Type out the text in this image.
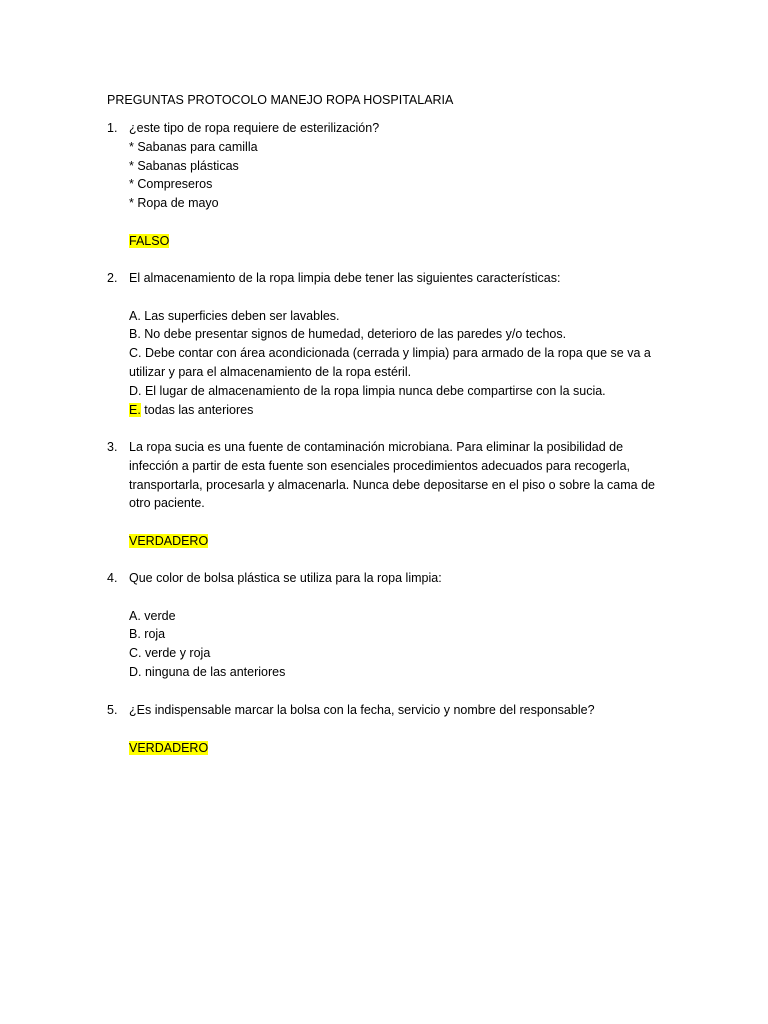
PREGUNTAS PROTOCOLO MANEJO ROPA HOSPITALARIA
1. ¿este tipo de ropa requiere de esterilización?
* Sabanas para camilla
* Sabanas plásticas
* Compreseros
* Ropa de mayo
FALSO
2. El almacenamiento de la ropa limpia debe tener las siguientes características:
A. Las superficies deben ser lavables.
B. No debe presentar signos de humedad, deterioro de las paredes y/o techos.
C. Debe contar con área acondicionada (cerrada y limpia) para armado de la ropa que se va a
utilizar y para el almacenamiento de la ropa estéril.
D. El lugar de almacenamiento de la ropa limpia nunca debe compartirse con la sucia.
E. todas las anteriores
3. La ropa sucia es una fuente de contaminación microbiana. Para eliminar la posibilidad de
infección a partir de esta fuente son esenciales procedimientos adecuados para recogerla,
transportarla, procesarla y almacenarla. Nunca debe depositarse en el piso o sobre la cama de
otro paciente.
VERDADERO
4. Que color de bolsa plástica se utiliza para la ropa limpia:
A. verde
B. roja
C. verde y roja
D. ninguna de las anteriores
5. ¿Es indispensable marcar la bolsa con la fecha, servicio y nombre del responsable?
VERDADERO
